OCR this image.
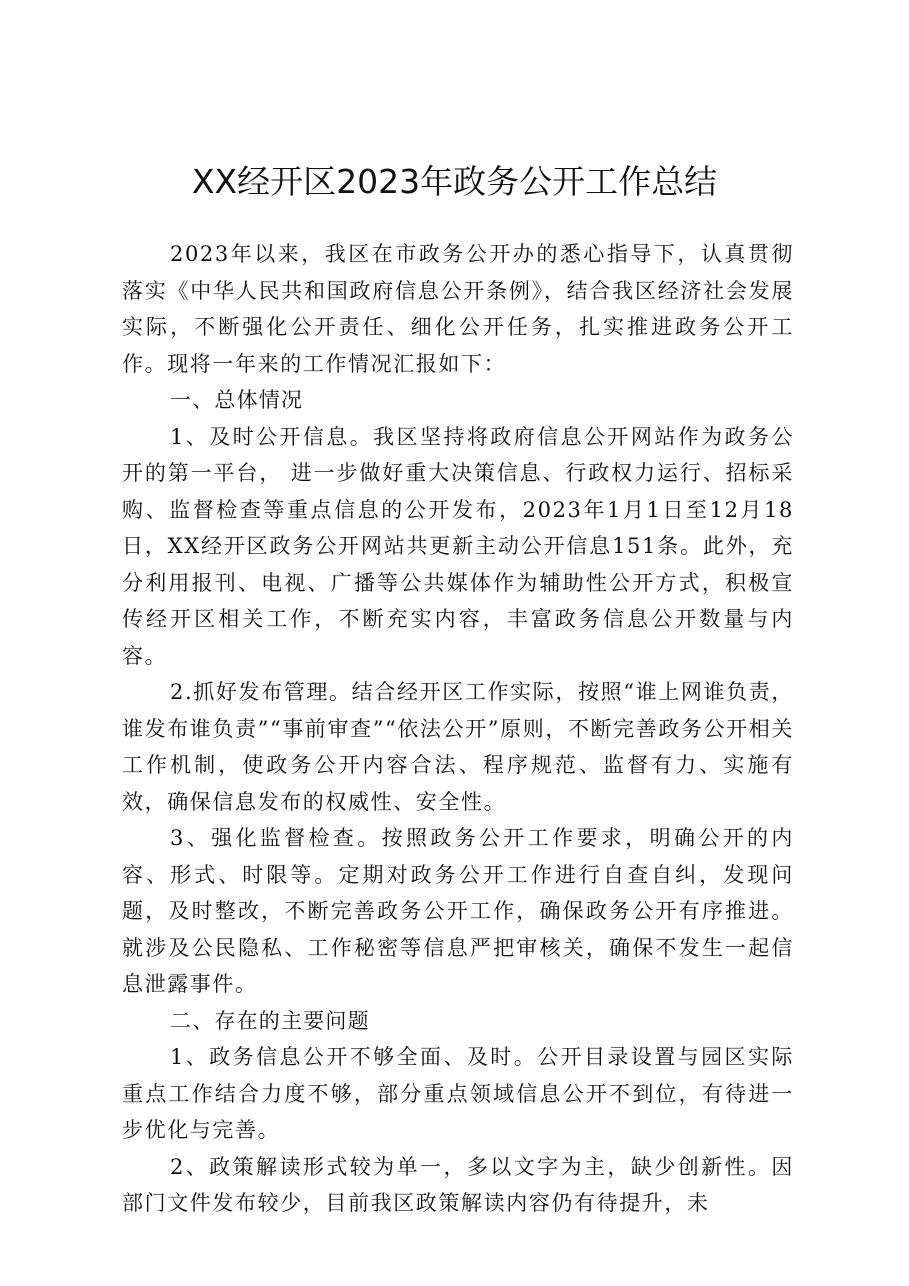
XX经开区2023年政务公开工作总结

2023年以来，我区在市政务公开办的悉心指导下，认真贯彻落实《中华人民共和国政府信息公开条例》，结合我区经济社会发展实际，不断强化公开责任、细化公开任务，扎实推进政务公开工作。现将一年来的工作情况汇报如下：

一、总体情况

1、及时公开信息。我区坚持将政府信息公开网站作为政务公开的第一平台， 进一步做好重大决策信息、行政权力运行、招标采购、监督检查等重点信息的公开发布，2023年1月1日至12月18日，XX经开区政务公开网站共更新主动公开信息151条。此外，充分利用报刊、电视、广播等公共媒体作为辅助性公开方式，积极宣传经开区相关工作，不断充实内容，丰富政务信息公开数量与内容。

2.抓好发布管理。结合经开区工作实际，按照“谁上网谁负责，谁发布谁负责”“事前审查”“依法公开”原则，不断完善政务公开相关工作机制，使政务公开内容合法、程序规范、监督有力、实施有效，确保信息发布的权威性、安全性。

3、强化监督检查。按照政务公开工作要求，明确公开的内容、形式、时限等。定期对政务公开工作进行自查自纠，发现问题，及时整改，不断完善政务公开工作，确保政务公开有序推进。就涉及公民隐私、工作秘密等信息严把审核关，确保不发生一起信息泄露事件。

二、存在的主要问题

1、政务信息公开不够全面、及时。公开目录设置与园区实际重点工作结合力度不够，部分重点领域信息公开不到位，有待进一步优化与完善。

2、政策解读形式较为单一，多以文字为主，缺少创新性。因部门文件发布较少，目前我区政策解读内容仍有待提升，未
